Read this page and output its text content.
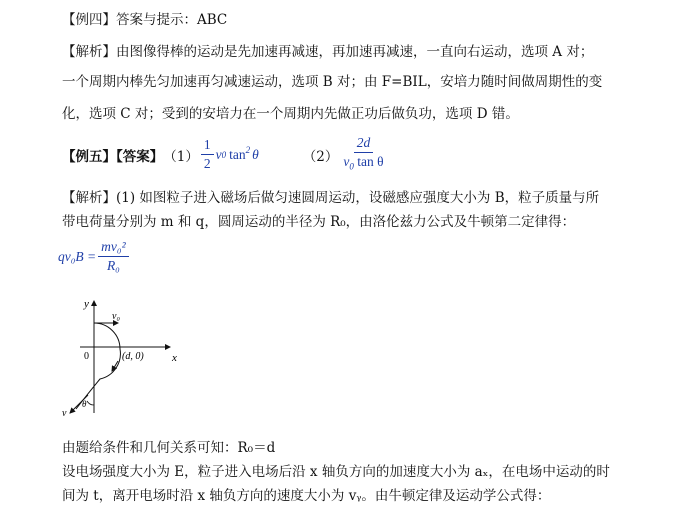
【例四】答案与提示：ABC
【解析】由图像得棒的运动是先加速再减速，再加速再减速，一直向右运动，选项 A 对；
一个周期内棒先匀加速再匀减速运动，选项 B 对；由 F=BIL，安培力随时间做周期性的变
化，选项 C 对；受到的安培力在一个周期内先做正功后做负功，选项 D 错。
【例五】【答案】 $(1) \frac{1}{2}$ v 0 $\tan^2 \theta$	$(2) \frac{2d}{v_0 \tan \theta}$
【解析】(1) 如图粒子进入磁场后做匀速圆周运动，设磁感应强度大小为 B，粒子质量与所
带电荷量分别为 m 和 q，圆周运动的半径为 R₀，由洛伦兹力公式及牛顿第二定律得：
$qv_0B = \frac{\text{mv₀²}}{\text{R₀}}$
y
x
0
v₀
(d, 0)
v
θ
由题给条件和几何关系可知：R₀＝d
设电场强度大小为 E，粒子进入电场后沿 x 轴负方向的加速度大小为 aₓ，在电场中运动的时
间为 t，离开电场时沿 x 轴负方向的速度大小为 vᵧ。由牛顿定律及运动学公式得：
